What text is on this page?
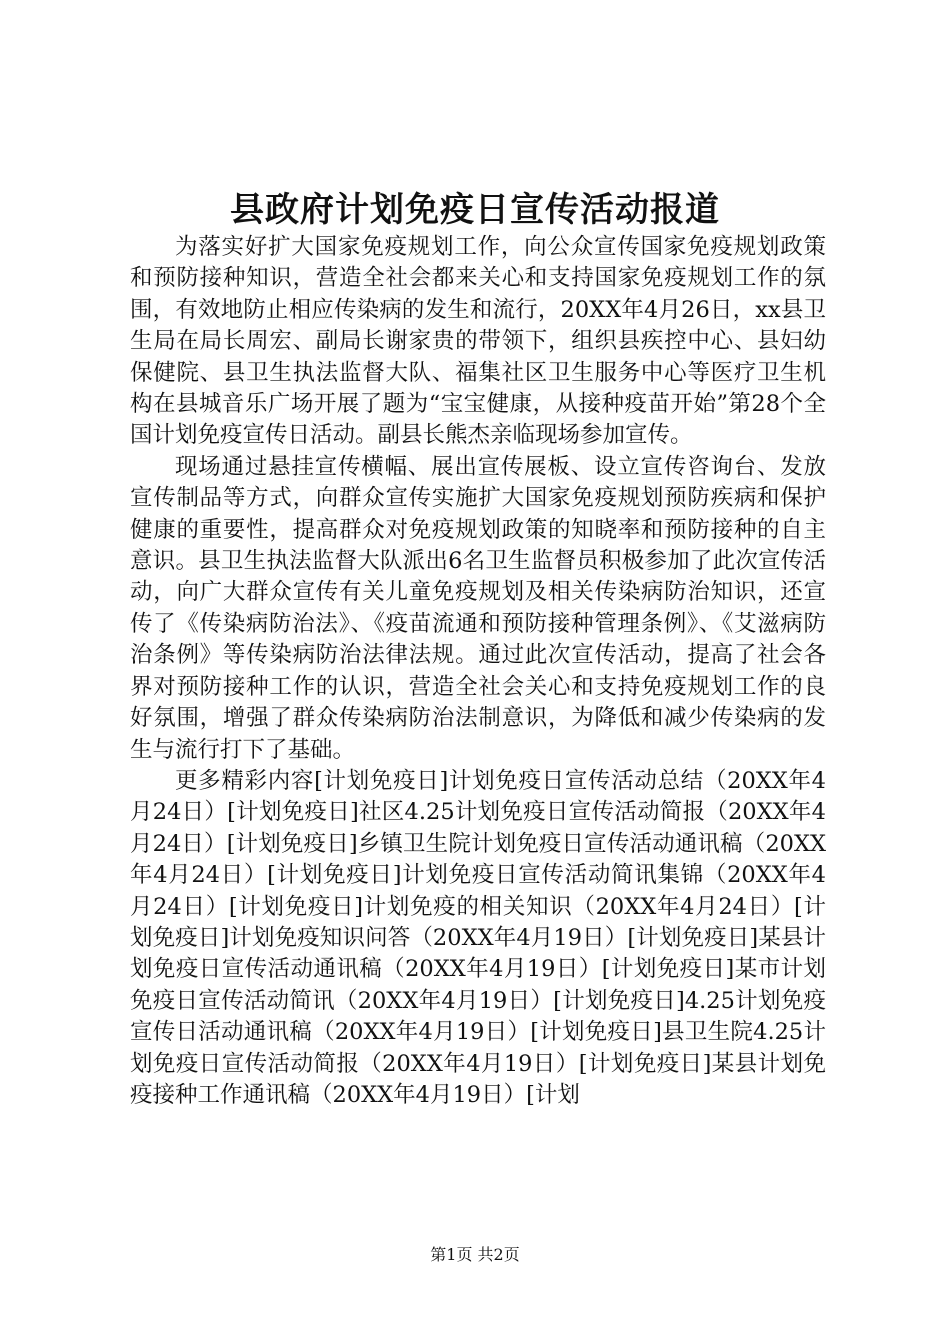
县政府计划免疫日宣传活动报道

为落实好扩大国家免疫规划工作，向公众宣传国家免疫规划政策和预防接种知识，营造全社会都来关心和支持国家免疫规划工作的氛围，有效地防止相应传染病的发生和流行，20XX年4月26日，xx县卫生局在局长周宏、副局长谢家贵的带领下，组织县疾控中心、县妇幼保健院、县卫生执法监督大队、福集社区卫生服务中心等医疗卫生机构在县城音乐广场开展了题为“宝宝健康，从接种疫苗开始”第28个全国计划免疫宣传日活动。副县长熊杰亲临现场参加宣传。

现场通过悬挂宣传横幅、展出宣传展板、设立宣传咨询台、发放宣传制品等方式，向群众宣传实施扩大国家免疫规划预防疾病和保护健康的重要性，提高群众对免疫规划政策的知晓率和预防接种的自主意识。县卫生执法监督大队派出6名卫生监督员积极参加了此次宣传活动，向广大群众宣传有关儿童免疫规划及相关传染病防治知识，还宣传了《传染病防治法》、《疫苗流通和预防接种管理条例》、《艾滋病防治条例》等传染病防治法律法规。通过此次宣传活动，提高了社会各界对预防接种工作的认识，营造全社会关心和支持免疫规划工作的良好氛围，增强了群众传染病防治法制意识，为降低和减少传染病的发生与流行打下了基础。

更多精彩内容[计划免疫日]计划免疫日宣传活动总结（20XX年4月24日）[计划免疫日]社区4.25计划免疫日宣传活动简报（20XX年4月24日）[计划免疫日]乡镇卫生院计划免疫日宣传活动通讯稿（20XX年4月24日）[计划免疫日]计划免疫日宣传活动简讯集锦（20XX年4月24日）[计划免疫日]计划免疫的相关知识（20XX年4月24日）[计划免疫日]计划免疫知识问答（20XX年4月19日）[计划免疫日]某县计划免疫日宣传活动通讯稿（20XX年4月19日）[计划免疫日]某市计划免疫日宣传活动简讯（20XX年4月19日）[计划免疫日]4.25计划免疫宣传日活动通讯稿（20XX年4月19日）[计划免疫日]县卫生院4.25计划免疫日宣传活动简报（20XX年4月19日）[计划免疫日]某县计划免疫接种工作通讯稿（20XX年4月19日）[计划

第1页 共2页
